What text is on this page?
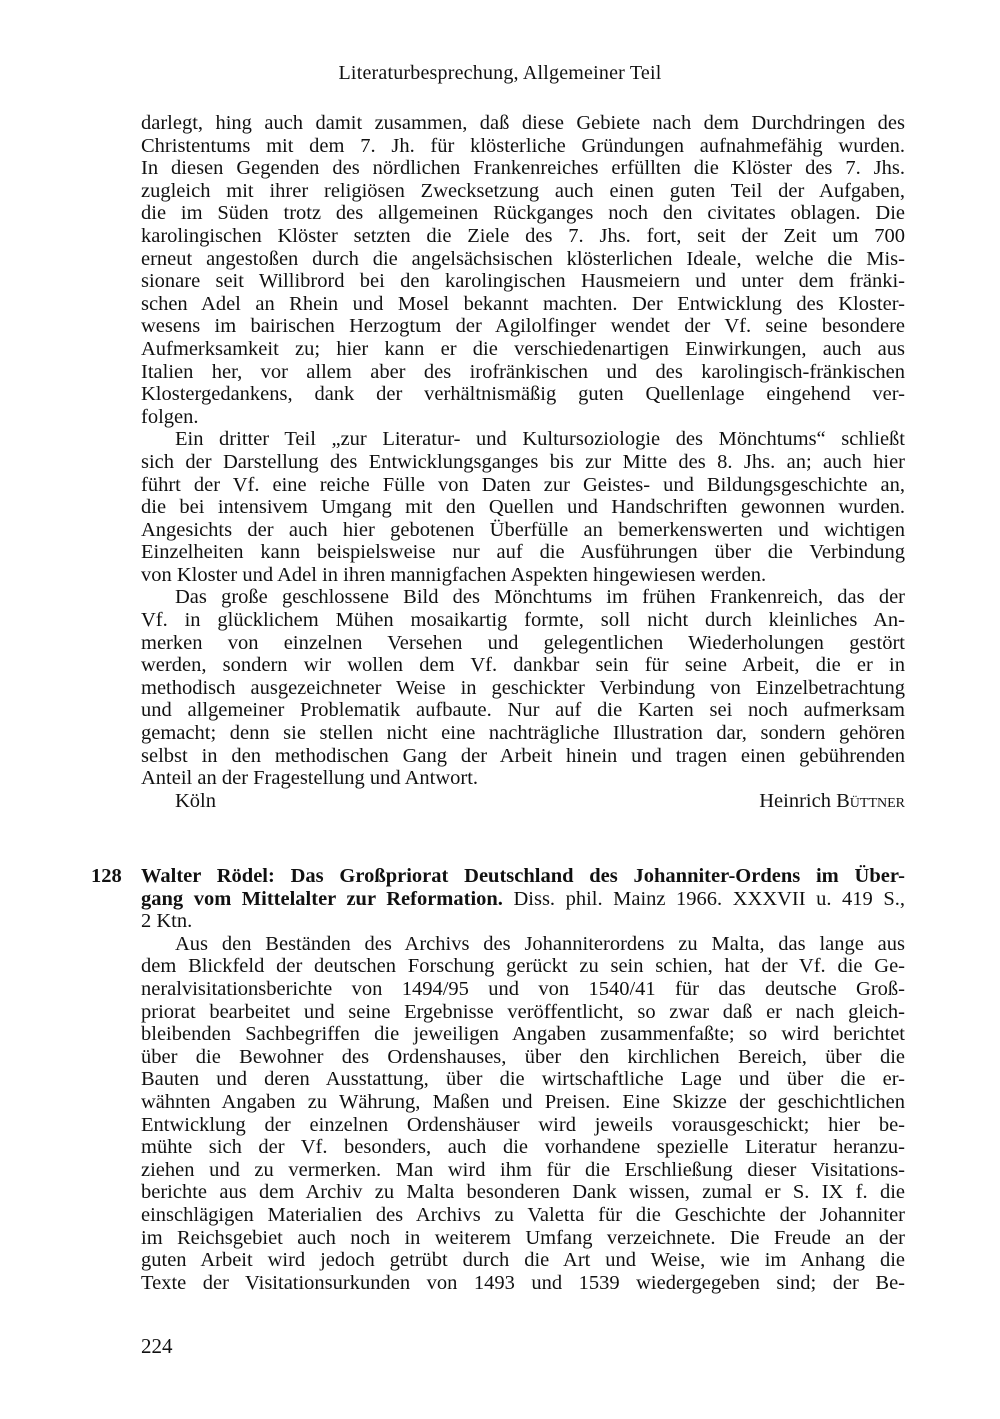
Literaturbesprechung, Allgemeiner Teil

darlegt, hing auch damit zusammen, daß diese Gebiete nach dem Durchdringen des

Christentums mit dem 7. Jh. für klösterliche Gründungen aufnahmefähig wurden.

In diesen Gegenden des nördlichen Frankenreiches erfüllten die Klöster des 7. Jhs.

zugleich mit ihrer religiösen Zwecksetzung auch einen guten Teil der Aufgaben,

die im Süden trotz des allgemeinen Rückganges noch den civitates oblagen. Die

karolingischen Klöster setzten die Ziele des 7. Jhs. fort, seit der Zeit um 700

erneut angestoßen durch die angelsächsischen klösterlichen Ideale, welche die Mis-

sionare seit Willibrord bei den karolingischen Hausmeiern und unter dem fränki-

schen Adel an Rhein und Mosel bekannt machten. Der Entwicklung des Kloster-

wesens im bairischen Herzogtum der Agilolfinger wendet der Vf. seine besondere

Aufmerksamkeit zu; hier kann er die verschiedenartigen Einwirkungen, auch aus

Italien her, vor allem aber des irofränkischen und des karolingisch-fränkischen

Klostergedankens, dank der verhältnismäßig guten Quellenlage eingehend ver-

folgen.

Ein dritter Teil „zur Literatur- und Kultursoziologie des Mönchtums“ schließt

sich der Darstellung des Entwicklungsganges bis zur Mitte des 8. Jhs. an; auch hier

führt der Vf. eine reiche Fülle von Daten zur Geistes- und Bildungsgeschichte an,

die bei intensivem Umgang mit den Quellen und Handschriften gewonnen wurden.

Angesichts der auch hier gebotenen Überfülle an bemerkenswerten und wichtigen

Einzelheiten kann beispielsweise nur auf die Ausführungen über die Verbindung

von Kloster und Adel in ihren mannigfachen Aspekten hingewiesen werden.

Das große geschlossene Bild des Mönchtums im frühen Frankenreich, das der

Vf. in glücklichem Mühen mosaikartig formte, soll nicht durch kleinliches An-

merken von einzelnen Versehen und gelegentlichen Wiederholungen gestört

werden, sondern wir wollen dem Vf. dankbar sein für seine Arbeit, die er in

methodisch ausgezeichneter Weise in geschickter Verbindung von Einzelbetrachtung

und allgemeiner Problematik aufbaute. Nur auf die Karten sei noch aufmerksam

gemacht; denn sie stellen nicht eine nachträgliche Illustration dar, sondern gehören

selbst in den methodischen Gang der Arbeit hinein und tragen einen gebührenden

Anteil an der Fragestellung und Antwort.

Köln	Heinrich Büttner
128 Walter Rödel: Das Großpriorat Deutschland des Johanniter-Ordens im Über-

gang vom Mittelalter zur Reformation. Diss. phil. Mainz 1966. XXXVII u. 419 S.,

2 Ktn.

Aus den Beständen des Archivs des Johanniterordens zu Malta, das lange aus

dem Blickfeld der deutschen Forschung gerückt zu sein schien, hat der Vf. die Ge-

neralvisitationsberichte von 1494/95 und von 1540/41 für das deutsche Groß-

priorat bearbeitet und seine Ergebnisse veröffentlicht, so zwar daß er nach gleich-

bleibenden Sachbegriffen die jeweiligen Angaben zusammenfaßte; so wird berichtet

über die Bewohner des Ordenshauses, über den kirchlichen Bereich, über die

Bauten und deren Ausstattung, über die wirtschaftliche Lage und über die er-

wähnten Angaben zu Währung, Maßen und Preisen. Eine Skizze der geschichtlichen

Entwicklung der einzelnen Ordenshäuser wird jeweils vorausgeschickt; hier be-

mühte sich der Vf. besonders, auch die vorhandene spezielle Literatur heranzu-

ziehen und zu vermerken. Man wird ihm für die Erschließung dieser Visitations-

berichte aus dem Archiv zu Malta besonderen Dank wissen, zumal er S. IX f. die

einschlägigen Materialien des Archivs zu Valetta für die Geschichte der Johanniter

im Reichsgebiet auch noch in weiterem Umfang verzeichnete. Die Freude an der

guten Arbeit wird jedoch getrübt durch die Art und Weise, wie im Anhang die

Texte der Visitationsurkunden von 1493 und 1539 wiedergegeben sind; der Be-

224
